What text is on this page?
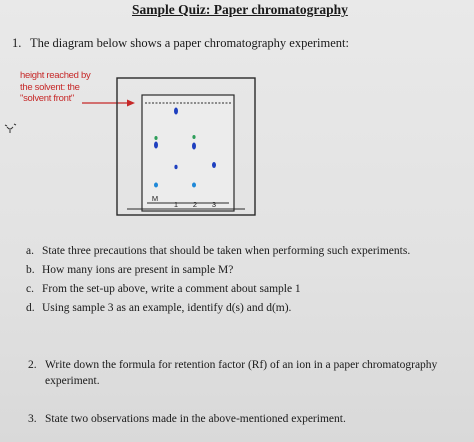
Sample Quiz: Paper chromatography
1. The diagram below shows a paper chromatography experiment:
height reached by
the solvent: the
"solvent front"
M
1 2 3
a. State three precautions that should be taken when performing such experiments.
b. How many ions are present in sample M?
c. From the set-up above, write a comment about sample 1
d. Using sample 3 as an example, identify d(s) and d(m).
2. Write down the formula for retention factor (Rf) of an ion in a paper chromatography
experiment.
3. State two observations made in the above-mentioned experiment.
